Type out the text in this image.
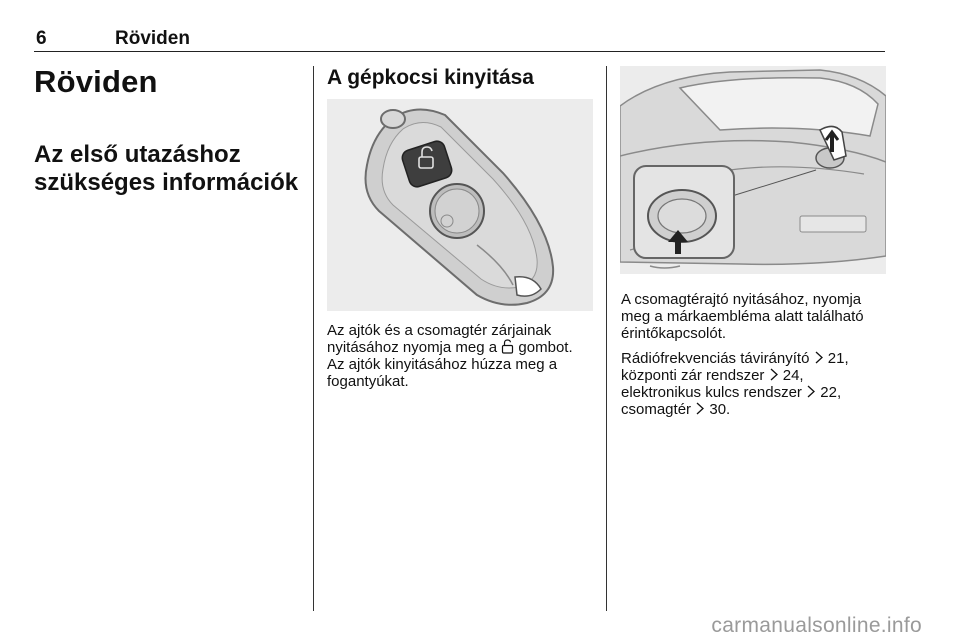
6	Röviden
Röviden
Az első utazáshoz
szükséges információk
A gépkocsi kinyitása
Az ajtók és a csomagtér zárjainak
nyitásához nyomja meg a  gombot.
Az ajtók kinyitásához húzza meg a
fogantyúkat.
A csomagtérajtó nyitásához, nyomja
meg a márkaembléma alatt található
érintőkapcsolót.
Rádiófrekvenciás távirányító 21,
központi zár rendszer 24,
elektronikus kulcs rendszer 22,
csomagtér 30.
carmanualsonline.info
